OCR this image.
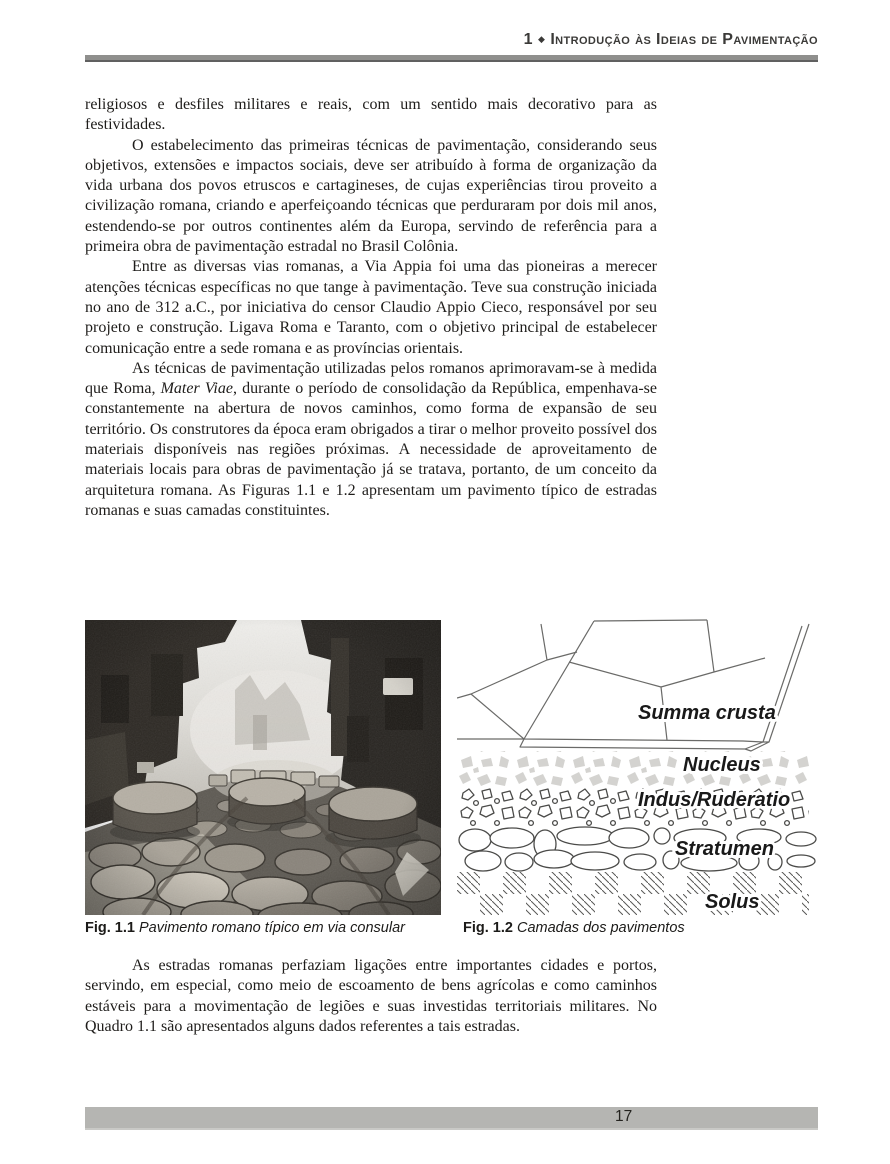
1 ◆ Introdução às Ideias de Pavimentação

religiosos e desfiles militares e reais, com um sentido mais decorativo para as festividades.

O estabelecimento das primeiras técnicas de pavimentação, considerando seus objetivos, extensões e impactos sociais, deve ser atribuído à forma de organização da vida urbana dos povos etruscos e cartagineses, de cujas experiências tirou proveito a civilização romana, criando e aperfeiçoando técnicas que perduraram por dois mil anos, estendendo-se por outros continentes além da Europa, servindo de referência para a primeira obra de pavimentação estradal no Brasil Colônia.

Entre as diversas vias romanas, a Via Appia foi uma das pioneiras a merecer atenções técnicas específicas no que tange à pavimentação. Teve sua construção iniciada no ano de 312 a.C., por iniciativa do censor Claudio Appio Cieco, responsável por seu projeto e construção. Ligava Roma e Taranto, com o objetivo principal de estabelecer comunicação entre a sede romana e as províncias orientais.

As técnicas de pavimentação utilizadas pelos romanos aprimoravam-se à medida que Roma, Mater Viae, durante o período de consolidação da República, empenhava-se constantemente na abertura de novos caminhos, como forma de expansão de seu território. Os construtores da época eram obrigados a tirar o melhor proveito possível dos materiais disponíveis nas regiões próximas. A necessidade de aproveitamento de materiais locais para obras de pavimentação já se tratava, portanto, de um conceito da arquitetura romana. As Figuras 1.1 e 1.2 apresentam um pavimento típico de estradas romanas e suas camadas constituintes.

Summa crusta
Nucleus
Indus/Ruderatio
Stratumen
Solus
Fig. 1.1 Pavimento romano típico em via consular	Fig. 1.2 Camadas dos pavimentos

As estradas romanas perfaziam ligações entre importantes cidades e portos, servindo, em especial, como meio de escoamento de bens agrícolas e como caminhos estáveis para a movimentação de legiões e suas investidas territoriais militares. No Quadro 1.1 são apresentados alguns dados referentes a tais estradas.

17
